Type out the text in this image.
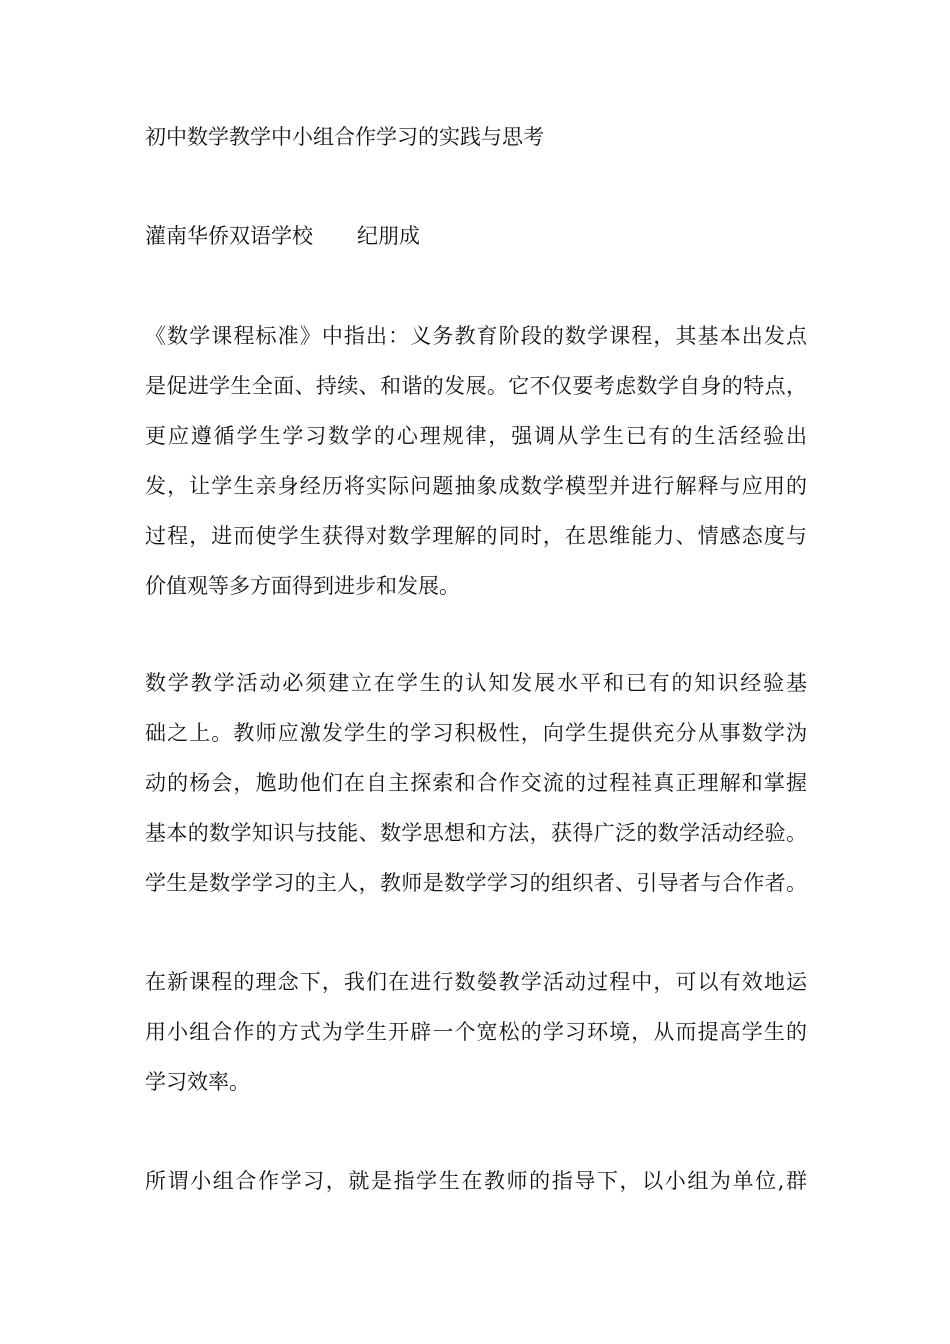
初中数学教学中小组合作学习的实践与思考
灌南华侨双语学校 纪朋成
《数学课程标准》中指出：义务教育阶段的数学课程，其基本出发点
是促进学生全面、持续、和谐的发展。它不仅要考虑数学自身的特点，
更应遵循学生学习数学的心理规律，强调从学生已有的生活经验出
发，让学生亲身经历将实际问题抽象成数学模型并进行解释与应用的
过程，进而使学生获得对数学理解的同时，在思维能力、情感态度与
价值观等多方面得到进步和发展。
数学教学活动必须建立在学生的认知发展水平和已有的知识经验基
础之上。教师应激发学生的学习积极性，向学生提供充分从事数学沩
动的杨会，尯助他们在自主探索和合作交流的过程袿真正理解和掌握
基本的数学知识与技能、数学思想和方法，获得广泛的数学活动经验。
学生是数学学习的主人，教师是数学学习的组织者、引导者与合作者。
在新课程的理念下，我们在进行数嫈教学活动过程中，可以有效地运
用小组合作的方式为学生开辟一个宽松的学习环境，从而提高学生的
学习效率。
所谓小组合作学习，就是指学生在教师的指导下，以小组为单位,群
